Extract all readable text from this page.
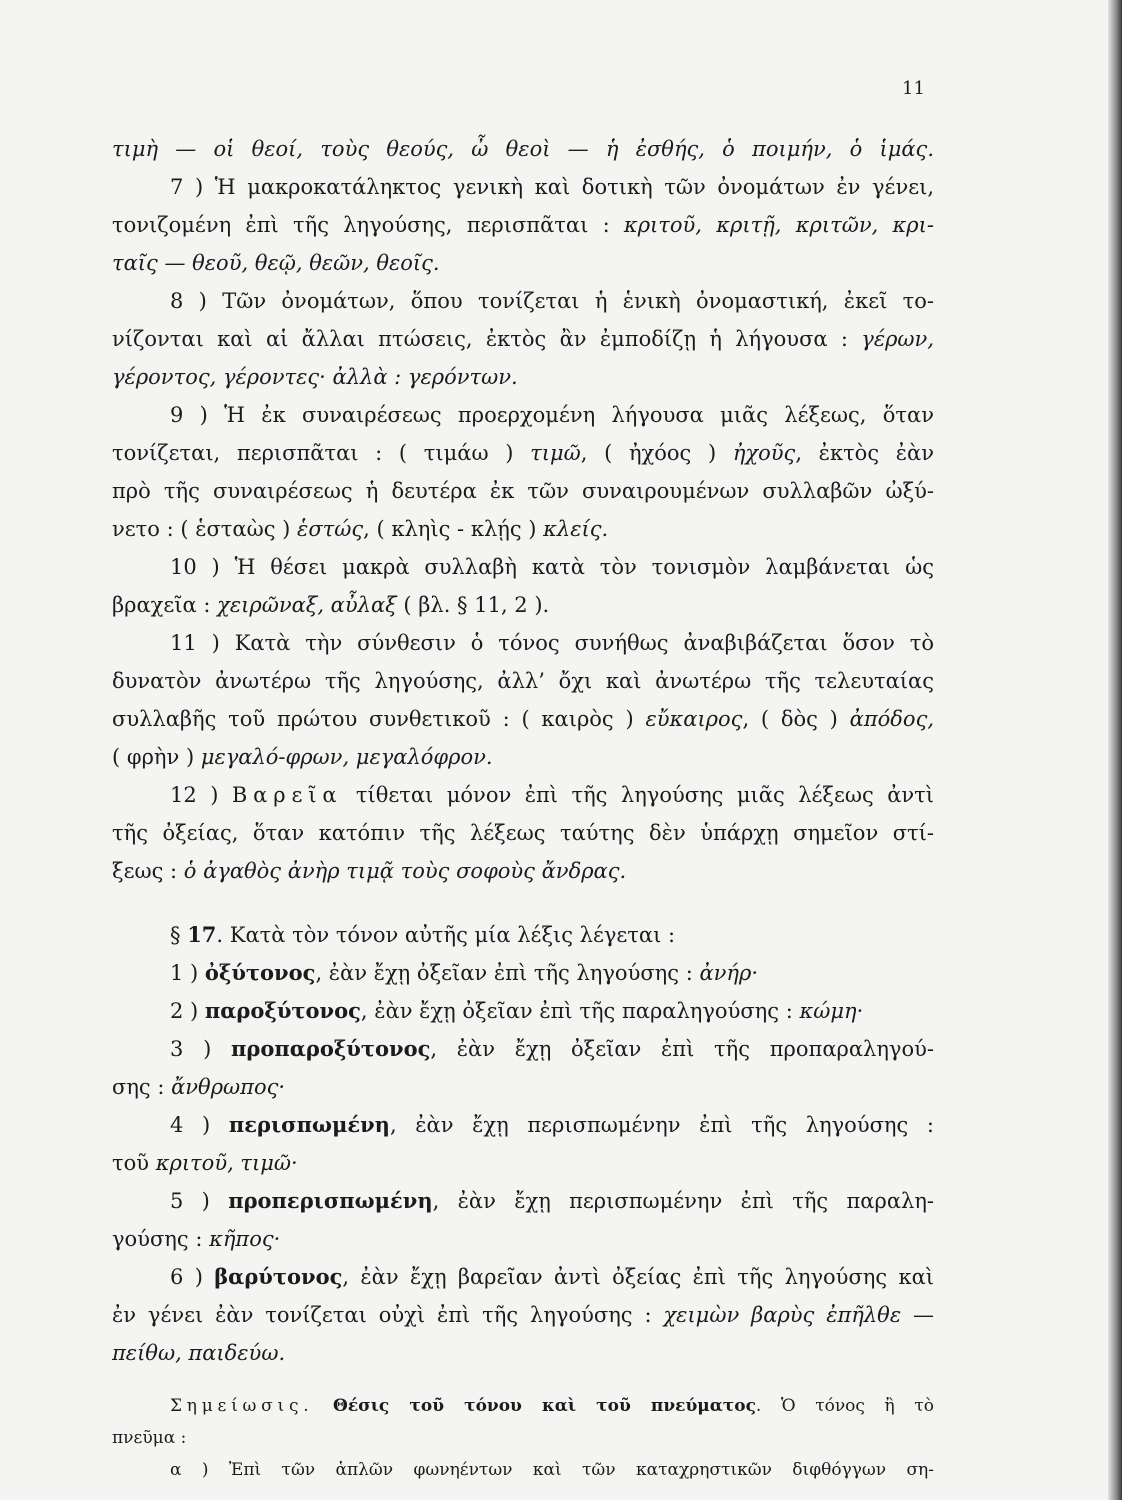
11
τιμὴ — οἱ θεοί, τοὺς θεούς, ὦ θεοὶ — ἡ ἐσθής, ὁ ποιμήν, ὁ ἱμάς.
7 ) Ἡ μακροκατάληκτος γενικὴ καὶ δοτικὴ τῶν ὀνομάτων ἐν γένει,
τονιζομένη ἐπὶ τῆς ληγούσης, περισπᾶται : κριτοῦ, κριτῇ, κριτῶν, κρι-
ταῖς — θεοῦ, θεῷ, θεῶν, θεοῖς.
8 ) Τῶν ὀνομάτων, ὅπου τονίζεται ἡ ἑνικὴ ὀνομαστική, ἐκεῖ το-
νίζονται καὶ αἱ ἄλλαι πτώσεις, ἐκτὸς ἂν ἐμποδίζῃ ἡ λήγουσα : γέρων,
γέροντος, γέροντες· ἀλλὰ : γερόντων.
9 ) Ἡ ἐκ συναιρέσεως προερχομένη λήγουσα μιᾶς λέξεως, ὅταν
τονίζεται, περισπᾶται : ( τιμάω ) τιμῶ, ( ἠχόος ) ἠχοῦς, ἐκτὸς ἐὰν
πρὸ τῆς συναιρέσεως ἡ δευτέρα ἐκ τῶν συναιρουμένων συλλαβῶν ὠξύ-
νετο : ( ἑσταὼς ) ἑστώς, ( κληὶς - κλῄς ) κλείς.
10 ) Ἡ θέσει μακρὰ συλλαβὴ κατὰ τὸν τονισμὸν λαμβάνεται ὡς
βραχεῖα : χειρῶναξ, αὖλαξ ( βλ. § 11, 2 ).
11 ) Κατὰ τὴν σύνθεσιν ὁ τόνος συνήθως ἀναβιβάζεται ὅσον τὸ
δυνατὸν ἀνωτέρω τῆς ληγούσης, ἀλλ’ ὄχι καὶ ἀνωτέρω τῆς τελευταίας
συλλαβῆς τοῦ πρώτου συνθετικοῦ : ( καιρὸς ) εὔκαιρος, ( δὸς ) ἀπόδος,
( φρὴν ) μεγαλό-φρων, μεγαλόφρον.
12 ) Βαρεῖα τίθεται μόνον ἐπὶ τῆς ληγούσης μιᾶς λέξεως ἀντὶ
τῆς ὀξείας, ὅταν κατόπιν τῆς λέξεως ταύτης δὲν ὑπάρχῃ σημεῖον στί-
ξεως : ὁ ἀγαθὸς ἀνὴρ τιμᾷ τοὺς σοφοὺς ἄνδρας.
§ 17. Κατὰ τὸν τόνον αὐτῆς μία λέξις λέγεται :
1 ) ὀξύτονος, ἐὰν ἔχῃ ὀξεῖαν ἐπὶ τῆς ληγούσης : ἀνήρ·
2 ) παροξύτονος, ἐὰν ἔχῃ ὀξεῖαν ἐπὶ τῆς παραληγούσης : κώμη·
3 ) προπαροξύτονος, ἐὰν ἔχῃ ὀξεῖαν ἐπὶ τῆς προπαραληγού-
σης : ἄνθρωπος·
4 ) περισπωμένη, ἐὰν ἔχῃ περισπωμένην ἐπὶ τῆς ληγούσης :
τοῦ κριτοῦ, τιμῶ·
5 ) προπερισπωμένη, ἐὰν ἔχῃ περισπωμένην ἐπὶ τῆς παραλη-
γούσης : κῆπος·
6 ) βαρύτονος, ἐὰν ἔχῃ βαρεῖαν ἀντὶ ὀξείας ἐπὶ τῆς ληγούσης καὶ
ἐν γένει ἐὰν τονίζεται οὐχὶ ἐπὶ τῆς ληγούσης : χειμὼν βαρὺς ἐπῆλθε —
πείθω, παιδεύω.
Σημείωσις. Θέσις τοῦ τόνου καὶ τοῦ πνεύματος. Ὁ τόνος ἢ τὸ
πνεῦμα :
α ) Ἐπὶ τῶν ἁπλῶν φωνηέντων καὶ τῶν καταχρηστικῶν διφθόγγων ση-
